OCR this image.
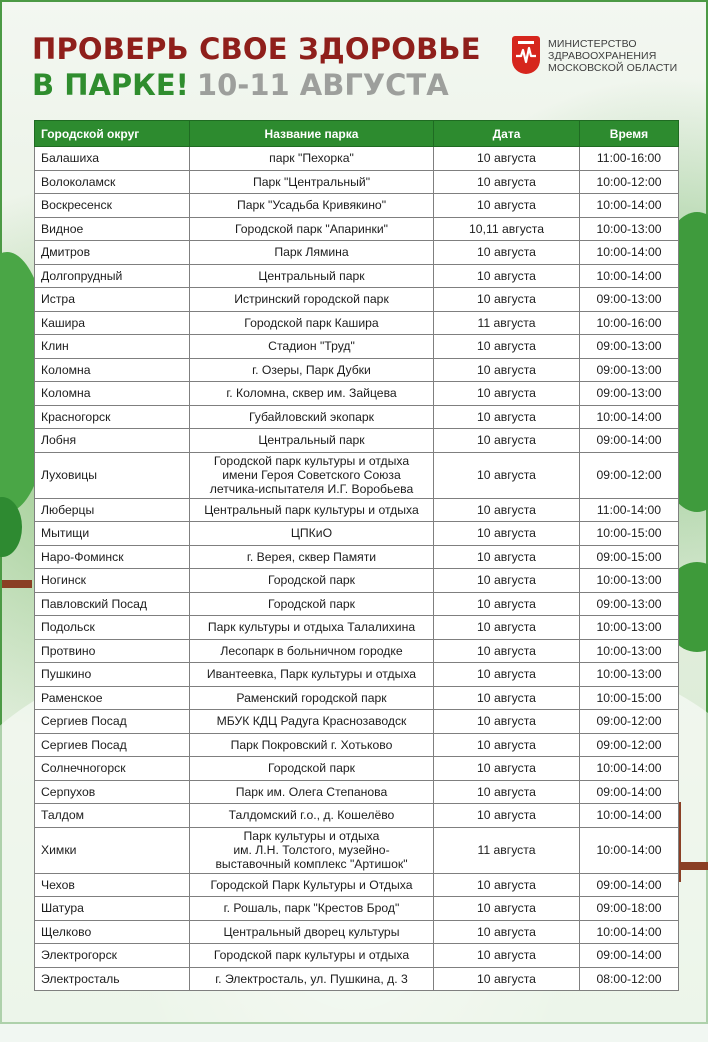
ПРОВЕРЬ СВОЕ ЗДОРОВЬЕ
В ПАРКЕ! 10-11 АВГУСТА
МИНИСТЕРСТВО
ЗДРАВООХРАНЕНИЯ
МОСКОВСКОЙ ОБЛАСТИ
Городской округ	Название парка	Дата	Время
Балашиха	парк "Пехорка"	10 августа	11:00-16:00
Волоколамск	Парк "Центральный"	10 августа	10:00-12:00
Воскресенск	Парк "Усадьба Кривякино"	10 августа	10:00-14:00
Видное	Городской парк "Апаринки"	10,11 августа	10:00-13:00
Дмитров	Парк Лямина	10 августа	10:00-14:00
Долгопрудный	Центральный парк	10 августа	10:00-14:00
Истра	Истринский городской парк	10 августа	09:00-13:00
Кашира	Городской парк Кашира	11 августа	10:00-16:00
Клин	Стадион "Труд"	10 августа	09:00-13:00
Коломна	г. Озеры, Парк Дубки	10 августа	09:00-13:00
Коломна	г. Коломна, сквер им. Зайцева	10 августа	09:00-13:00
Красногорск	Губайловский экопарк	10 августа	10:00-14:00
Лобня	Центральный парк	10 августа	09:00-14:00
Луховицы	Городской парк культуры и отдыха
имени Героя Советского Союза
летчика-испытателя И.Г. Воробьева	10 августа	09:00-12:00
Люберцы	Центральный парк культуры и отдыха	10 августа	11:00-14:00
Мытищи	ЦПКиО	10 августа	10:00-15:00
Наро-Фоминск	г. Верея, сквер Памяти	10 августа	09:00-15:00
Ногинск	Городской парк	10 августа	10:00-13:00
Павловский Посад	Городской парк	10 августа	09:00-13:00
Подольск	Парк культуры и отдыха Талалихина	10 августа	10:00-13:00
Протвино	Лесопарк в больничном городке	10 августа	10:00-13:00
Пушкино	Ивантеевка, Парк культуры и отдыха	10 августа	10:00-13:00
Раменское	Раменский городской парк	10 августа	10:00-15:00
Сергиев Посад	МБУК КДЦ Радуга Краснозаводск	10 августа	09:00-12:00
Сергиев Посад	Парк Покровский г. Хотьково	10 августа	09:00-12:00
Солнечногорск	Городской парк	10 августа	10:00-14:00
Серпухов	Парк им. Олега Степанова	10 августа	09:00-14:00
Талдом	Талдомский г.о., д. Кошелёво	10 августа	10:00-14:00
Химки	Парк культуры и отдыха
им. Л.Н. Толстого, музейно-
выставочный комплекс "Артишок"	11 августа	10:00-14:00
Чехов	Городской Парк Культуры и Отдыха	10 августа	09:00-14:00
Шатура	г. Рошаль, парк "Крестов Брод"	10 августа	09:00-18:00
Щелково	Центральный дворец культуры	10 августа	10:00-14:00
Электрогорск	Городской парк культуры и отдыха	10 августа	09:00-14:00
Электросталь	г. Электросталь, ул. Пушкина, д. 3	10 августа	08:00-12:00
